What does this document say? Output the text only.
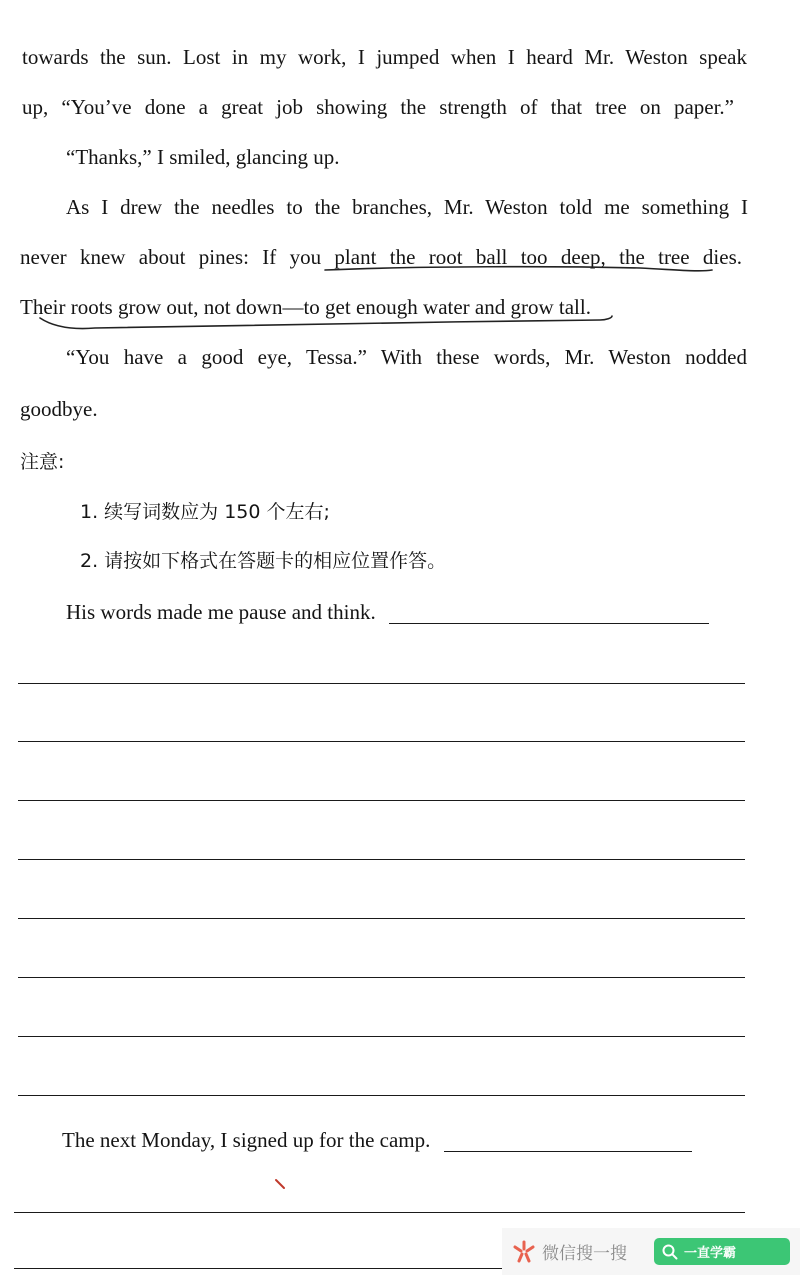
towards the sun. Lost in my work, I jumped when I heard Mr. Weston speak
up, “You’ve done a great job showing the strength of that tree on paper.”
“Thanks,” I smiled, glancing up.
As I drew the needles to the branches, Mr. Weston told me something I
never knew about pines: If you plant the root ball too deep, the tree dies.
Their roots grow out, not down—to get enough water and grow tall.
“You have a good eye, Tessa.” With these words, Mr. Weston nodded
goodbye.
注意:
1. 续写词数应为 150 个左右;
2. 请按如下格式在答题卡的相应位置作答。
His words made me pause and think.
The next Monday, I signed up for the camp.
微信搜一搜	一直学霸
